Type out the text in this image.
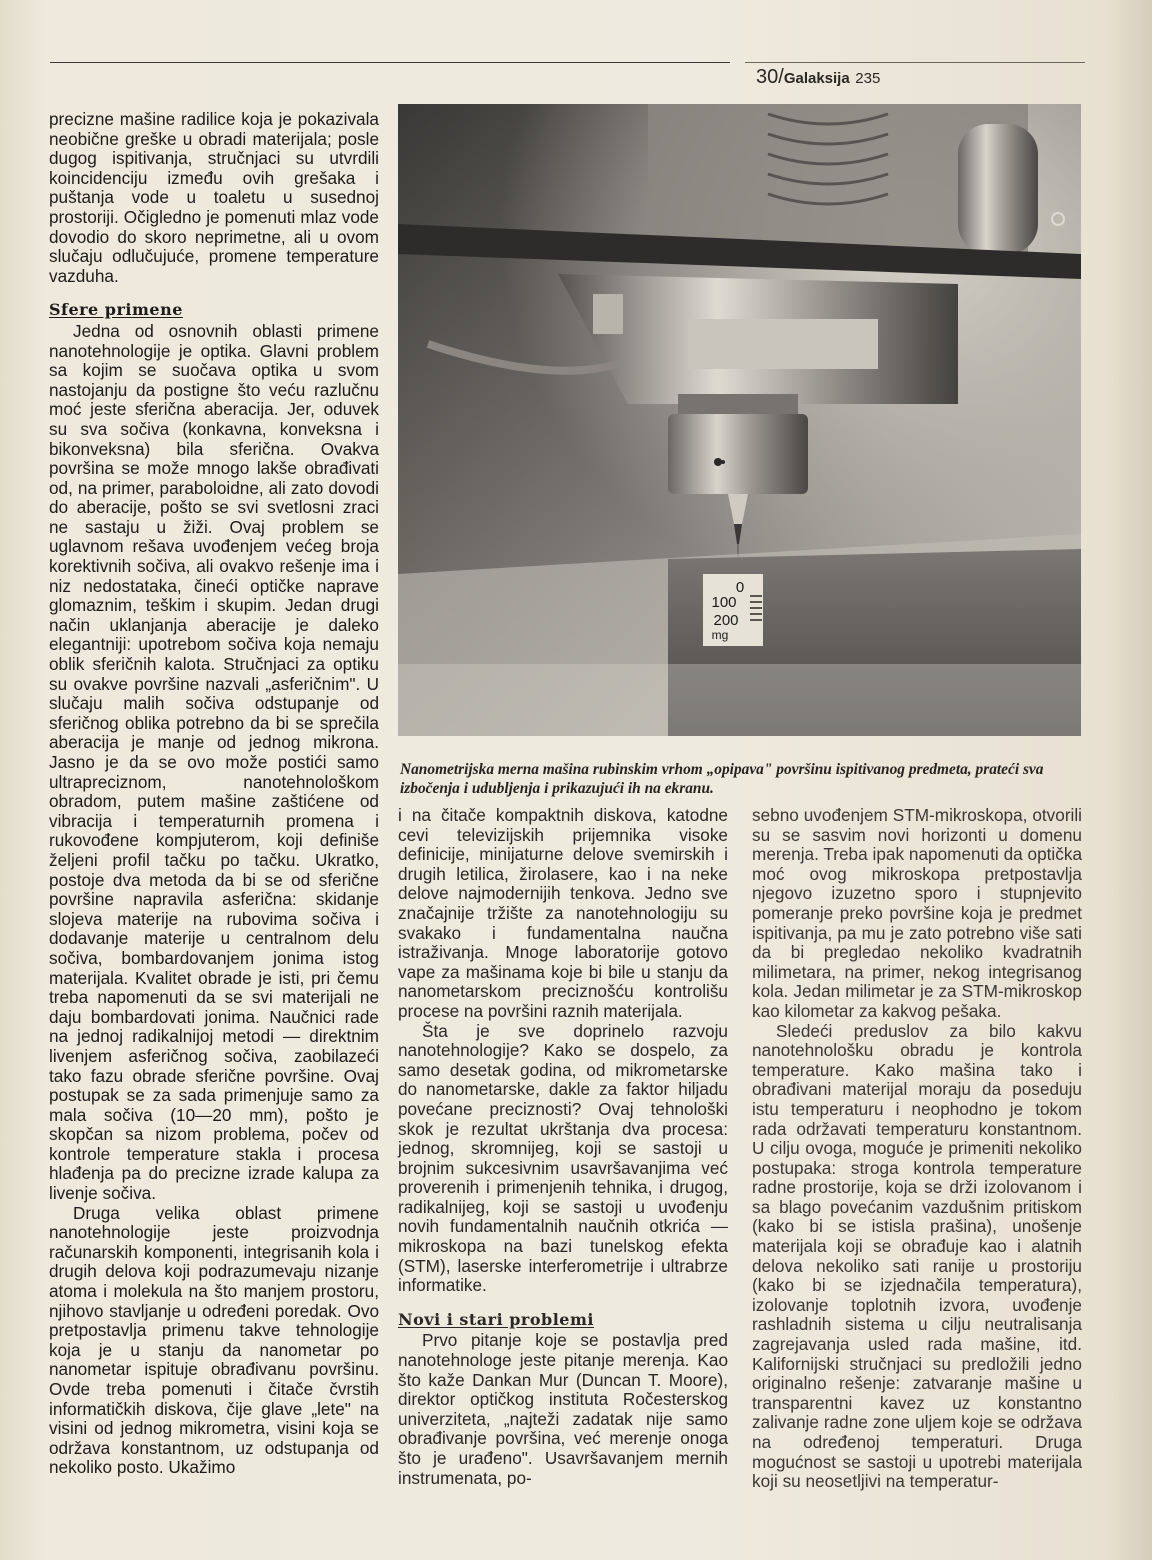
30/Galaksija 235

precizne mašine radilice koja je pokazivala neobične greške u obradi materijala; posle dugog ispitivanja, stručnjaci su utvrdili koincidenciju između ovih grešaka i puštanja vode u toaletu u susednoj prostoriji. Očigledno je pomenuti mlaz vode dovodio do skoro neprimetne, ali u ovom slučaju odlučujuće, promene temperature vazduha.

Sfere primene

Jedna od osnovnih oblasti primene nanotehnologije je optika. Glavni problem sa kojim se suočava optika u svom nastojanju da postigne što veću razlučnu moć jeste sferična aberacija. Jer, oduvek su sva sočiva (konkavna, konveksna i bikonveksna) bila sferična. Ovakva površina se može mnogo lakše obrađivati od, na primer, paraboloidne, ali zato dovodi do aberacije, pošto se svi svetlosni zraci ne sastaju u žiži. Ovaj problem se uglavnom rešava uvođenjem većeg broja korektivnih sočiva, ali ovakvo rešenje ima i niz nedostataka, čineći optičke naprave glomaznim, teškim i skupim. Jedan drugi način uklanjanja aberacije je daleko elegantniji: upotrebom sočiva koja nemaju oblik sferičnih kalota. Stručnjaci za optiku su ovakve površine nazvali „asferičnim". U slučaju malih sočiva odstupanje od sferičnog oblika potrebno da bi se sprečila aberacija je manje od jednog mikrona. Jasno je da se ovo može postići samo ultrapreciznom, nanotehnološkom obradom, putem mašine zaštićene od vibracija i temperaturnih promena i rukovođene kompjuterom, koji definiše željeni profil tačku po tačku. Ukratko, postoje dva metoda da bi se od sferične površine napravila asferična: skidanje slojeva materije na rubovima sočiva i dodavanje materije u centralnom delu sočiva, bombardovanjem jonima istog materijala. Kvalitet obrade je isti, pri čemu treba napomenuti da se svi materijali ne daju bombardovati jonima. Naučnici rade na jednoj radikalnijoj metodi — direktnim livenjem asferičnog sočiva, zaobilazeći tako fazu obrade sferične površine. Ovaj postupak se za sada primenjuje samo za mala sočiva (10—20 mm), pošto je skopčan sa nizom problema, počev od kontrole temperature stakla i procesa hlađenja pa do precizne izrade kalupa za livenje sočiva.

Druga velika oblast primene nanotehnologije jeste proizvodnja računarskih komponenti, integrisanih kola i drugih delova koji podrazumevaju nizanje atoma i molekula na što manjem prostoru, njihovo stavljanje u određeni poredak. Ovo pretpostavlja primenu takve tehnologije koja je u stanju da nanometar po nanometar ispituje obrađivanu površinu. Ovde treba pomenuti i čitače čvrstih informatičkih diskova, čije glave „lete" na visini od jednog mikrometra, visini koja se održava konstantnom, uz odstupanja od nekoliko posto. Ukažimo

0
100
200
mg
Nanometrijska merna mašina rubinskim vrhom „opipava" površinu ispitivanog predmeta, prateći sva izbočenja i udubljenja i prikazujući ih na ekranu.

i na čitače kompaktnih diskova, katodne cevi televizijskih prijemnika visoke definicije, minijaturne delove svemirskih i drugih letilica, žirolasere, kao i na neke delove najmodernijih tenkova. Jedno sve značajnije tržište za nanotehnologiju su svakako i fundamentalna naučna istraživanja. Mnoge laboratorije gotovo vape za mašinama koje bi bile u stanju da nanometarskom preciznošću kontrolišu procese na površini raznih materijala.

Šta je sve doprinelo razvoju nanotehnologije? Kako se dospelo, za samo desetak godina, od mikrometarske do nanometarske, dakle za faktor hiljadu povećane preciznosti? Ovaj tehnološki skok je rezultat ukrštanja dva procesa: jednog, skromnijeg, koji se sastoji u brojnim sukcesivnim usavršavanjima već proverenih i primenjenih tehnika, i drugog, radikalnijeg, koji se sastoji u uvođenju novih fundamentalnih naučnih otkrića — mikroskopa na bazi tunelskog efekta (STM), laserske interferometrije i ultrabrze informatike.

Novi i stari problemi

Prvo pitanje koje se postavlja pred nanotehnologe jeste pitanje merenja. Kao što kaže Dankan Mur (Duncan T. Moore), direktor optičkog instituta Ročesterskog univerziteta, „najteži zadatak nije samo obrađivanje površina, već merenje onoga što je urađeno". Usavršavanjem mernih instrumenata, po-

sebno uvođenjem STM-mikroskopa, otvorili su se sasvim novi horizonti u domenu merenja. Treba ipak napomenuti da optička moć ovog mikroskopa pretpostavlja njegovo izuzetno sporo i stupnjevito pomeranje preko površine koja je predmet ispitivanja, pa mu je zato potrebno više sati da bi pregledao nekoliko kvadratnih milimetara, na primer, nekog integrisanog kola. Jedan milimetar je za STM-mikroskop kao kilometar za kakvog pešaka.

Sledeći preduslov za bilo kakvu nanotehnološku obradu je kontrola temperature. Kako mašina tako i obrađivani materijal moraju da poseduju istu temperaturu i neophodno je tokom rada održavati temperaturu konstantnom. U cilju ovoga, moguće je primeniti nekoliko postupaka: stroga kontrola temperature radne prostorije, koja se drži izolovanom i sa blago povećanim vazdušnim pritiskom (kako bi se istisla prašina), unošenje materijala koji se obrađuje kao i alatnih delova nekoliko sati ranije u prostoriju (kako bi se izjednačila temperatura), izolovanje toplotnih izvora, uvođenje rashladnih sistema u cilju neutralisanja zagrejavanja usled rada mašine, itd. Kalifornijski stručnjaci su predložili jedno originalno rešenje: zatvaranje mašine u transparentni kavez uz konstantno zalivanje radne zone uljem koje se održava na određenoj temperaturi. Druga mogućnost se sastoji u upotrebi materijala koji su neosetljivi na temperatur-
